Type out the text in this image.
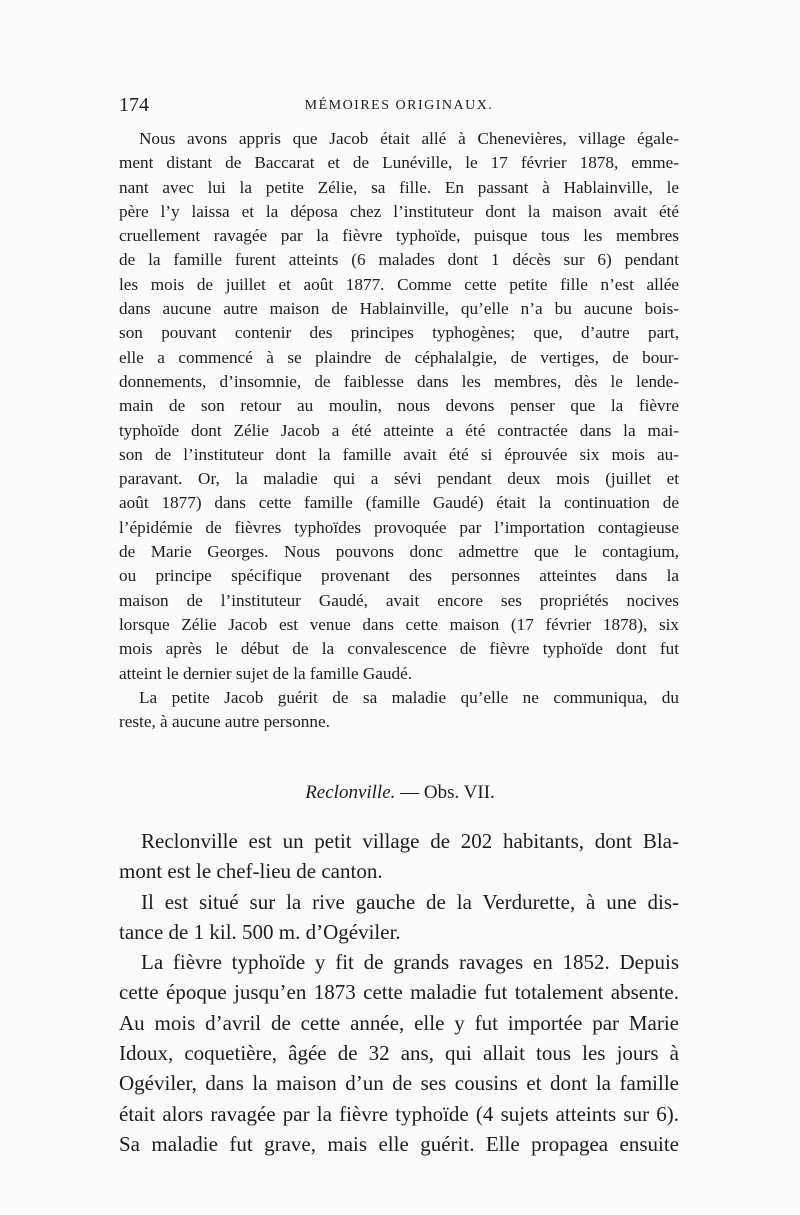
174	MÉMOIRES ORIGINAUX.
Nous avons appris que Jacob était allé à Chenevières, village égale-
ment distant de Baccarat et de Lunéville, le 17 février 1878, emme-
nant avec lui la petite Zélie, sa fille. En passant à Hablainville, le
père l’y laissa et la déposa chez l’instituteur dont la maison avait été
cruellement ravagée par la fièvre typhoïde, puisque tous les membres
de la famille furent atteints (6 malades dont 1 décès sur 6) pendant
les mois de juillet et août 1877. Comme cette petite fille n’est allée
dans aucune autre maison de Hablainville, qu’elle n’a bu aucune bois-
son pouvant contenir des principes typhogènes; que, d’autre part,
elle a commencé à se plaindre de céphalalgie, de vertiges, de bour-
donnements, d’insomnie, de faiblesse dans les membres, dès le lende-
main de son retour au moulin, nous devons penser que la fièvre
typhoïde dont Zélie Jacob a été atteinte a été contractée dans la mai-
son de l’instituteur dont la famille avait été si éprouvée six mois au-
paravant. Or, la maladie qui a sévi pendant deux mois (juillet et
août 1877) dans cette famille (famille Gaudé) était la continuation de
l’épidémie de fièvres typhoïdes provoquée par l’importation contagieuse
de Marie Georges. Nous pouvons donc admettre que le contagium,
ou principe spécifique provenant des personnes atteintes dans la
maison de l’instituteur Gaudé, avait encore ses propriétés nocives
lorsque Zélie Jacob est venue dans cette maison (17 février 1878), six
mois après le début de la convalescence de fièvre typhoïde dont fut
atteint le dernier sujet de la famille Gaudé.
La petite Jacob guérit de sa maladie qu’elle ne communiqua, du
reste, à aucune autre personne.
Reclonville. — Obs. VII.
Reclonville est un petit village de 202 habitants, dont Bla-
mont est le chef-lieu de canton.
Il est situé sur la rive gauche de la Verdurette, à une dis-
tance de 1 kil. 500 m. d’Ogéviler.
La fièvre typhoïde y fit de grands ravages en 1852. Depuis
cette époque jusqu’en 1873 cette maladie fut totalement absente.
Au mois d’avril de cette année, elle y fut importée par Marie
Idoux, coquetière, âgée de 32 ans, qui allait tous les jours à
Ogéviler, dans la maison d’un de ses cousins et dont la famille
était alors ravagée par la fièvre typhoïde (4 sujets atteints sur 6).
Sa maladie fut grave, mais elle guérit. Elle propagea ensuite
